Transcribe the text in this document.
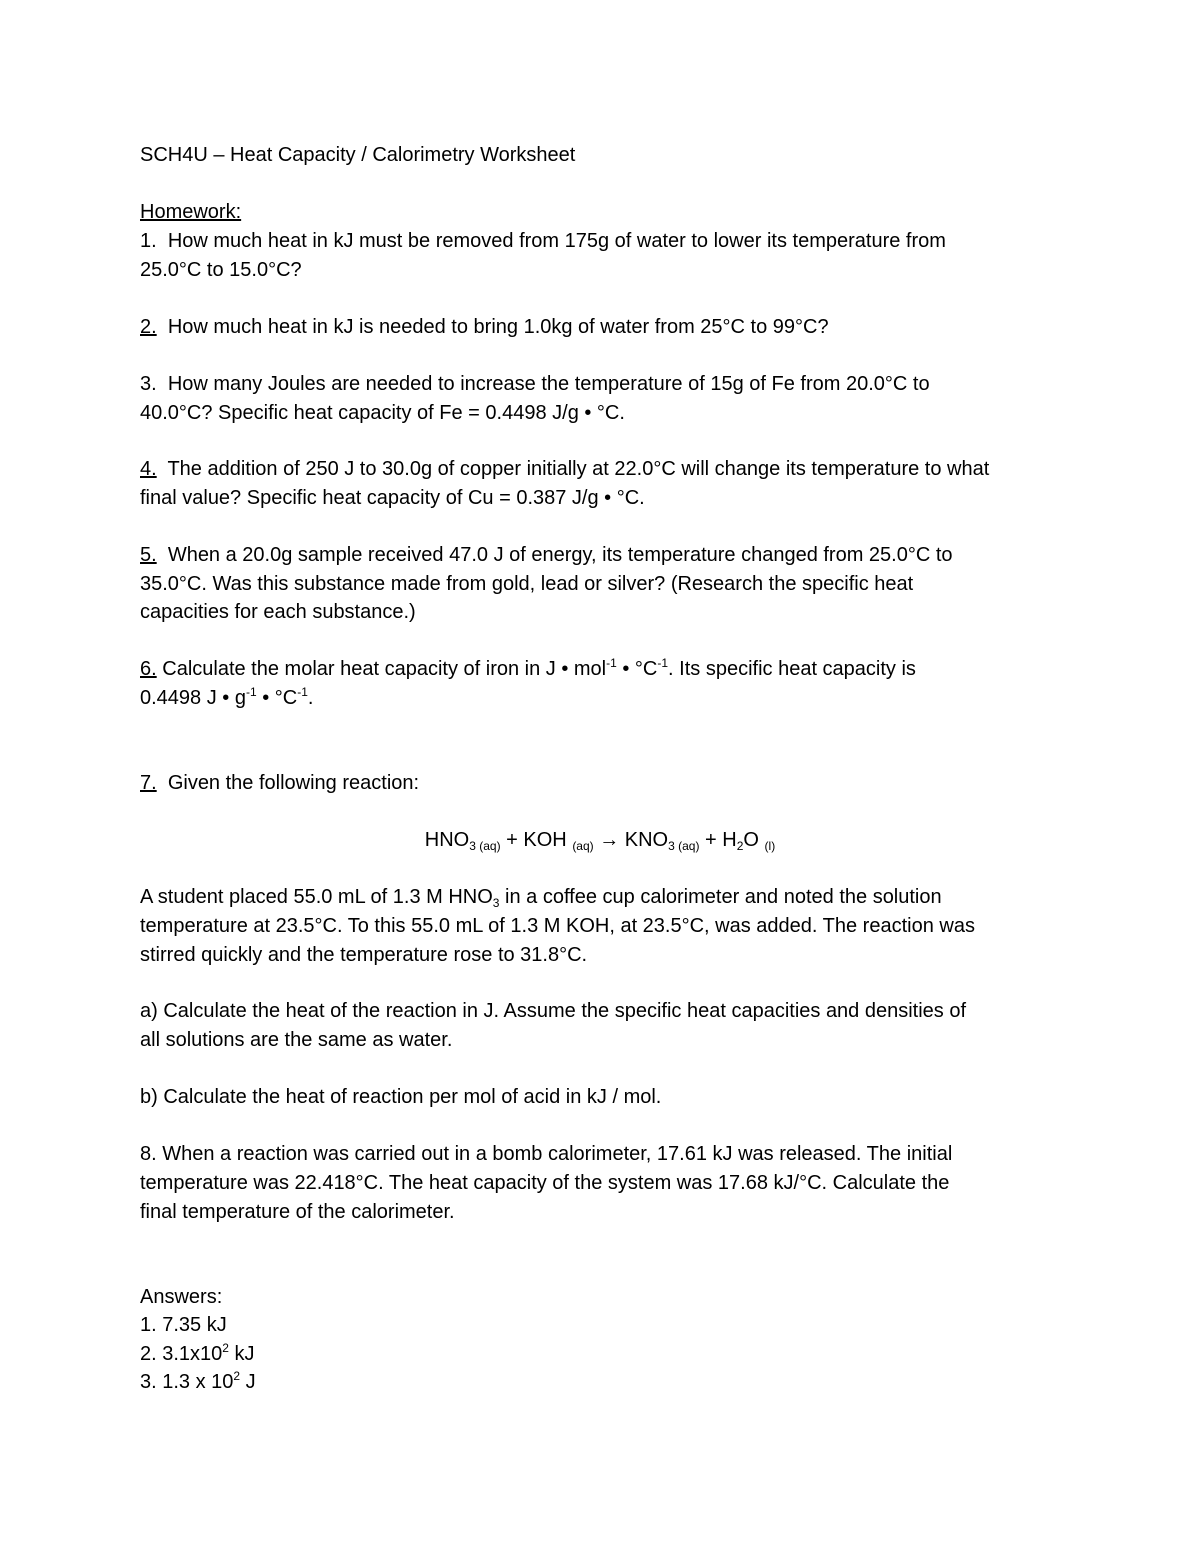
SCH4U – Heat Capacity / Calorimetry Worksheet
Homework:
1. How much heat in kJ must be removed from 175g of water to lower its temperature from
25.0°C to 15.0°C?
2. How much heat in kJ is needed to bring 1.0kg of water from 25°C to 99°C?
3. How many Joules are needed to increase the temperature of 15g of Fe from 20.0°C to
40.0°C? Specific heat capacity of Fe = 0.4498 J/g • °C.
4. The addition of 250 J to 30.0g of copper initially at 22.0°C will change its temperature to what
final value? Specific heat capacity of Cu = 0.387 J/g • °C.
5. When a 20.0g sample received 47.0 J of energy, its temperature changed from 25.0°C to
35.0°C. Was this substance made from gold, lead or silver? (Research the specific heat
capacities for each substance.)
6. Calculate the molar heat capacity of iron in J • mol$^{-1}$ • $^\circ C^{-1}$. Its specific heat capacity is
0.4498 J • $g^{-1}$ • $^\circ C^{-1}$.
7. Given the following reaction:
$HNO_3$ $_{(aq)}$ + KOH $_{(aq)} \to KNO_3$ $_{(aq)} + H_2O$ $_{(l)}$
A student placed 55.0 mL of 1.3 M $HNO_3$ in a coffee cup calorimeter and noted the solution
temperature at 23.5°C. To this 55.0 mL of 1.3 M KOH, at 23.5°C, was added. The reaction was
stirred quickly and the temperature rose to 31.8°C.
a) Calculate the heat of the reaction in J. Assume the specific heat capacities and densities of
all solutions are the same as water.
b) Calculate the heat of reaction per mol of acid in kJ / mol.
8. When a reaction was carried out in a bomb calorimeter, 17.61 kJ was released. The initial
temperature was 22.418°C. The heat capacity of the system was 17.68 kJ/°C. Calculate the
final temperature of the calorimeter.
Answers:
1. 7.35 kJ
2. $3.1x10^2$ kJ
3. 1.3 x $10^2$ J
